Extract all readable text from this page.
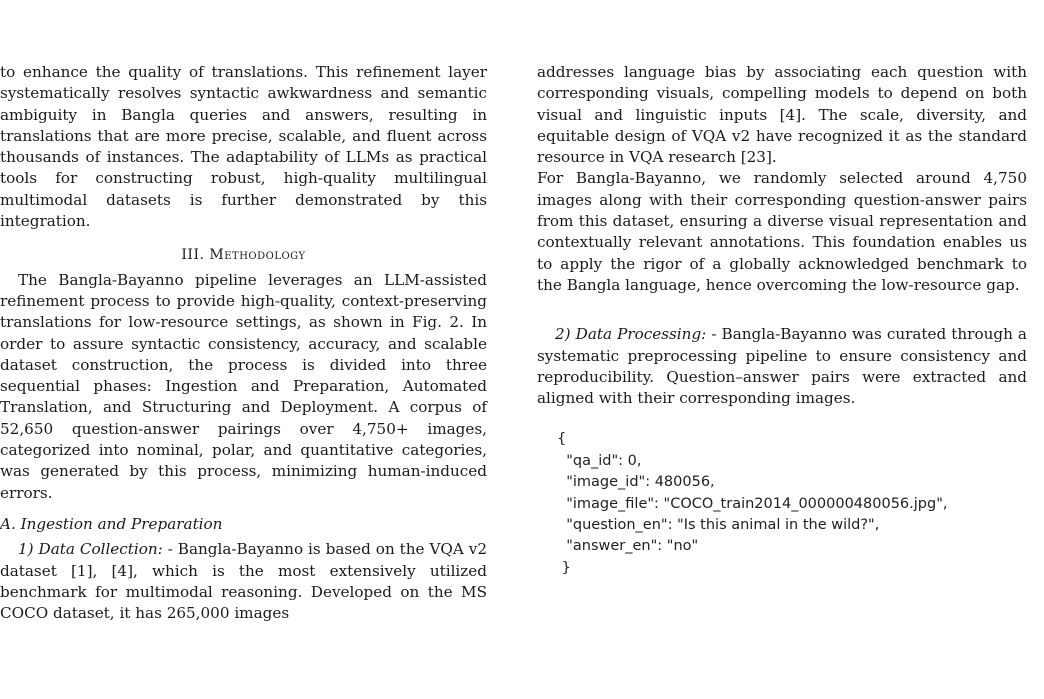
to enhance the quality of translations. This refinement layer systematically resolves syntactic awkwardness and semantic ambiguity in Bangla queries and answers, resulting in translations that are more precise, scalable, and fluent across thousands of instances. The adaptability of LLMs as practical tools for constructing robust, high-quality multilingual multimodal datasets is further demonstrated by this integration.

III. Methodology

The Bangla-Bayanno pipeline leverages an LLM-assisted refinement process to provide high-quality, context-preserving translations for low-resource settings, as shown in Fig. 2. In order to assure syntactic consistency, accuracy, and scalable dataset construction, the process is divided into three sequential phases: Ingestion and Preparation, Automated Translation, and Structuring and Deployment. A corpus of 52,650 question-answer pairings over 4,750+ images, categorized into nominal, polar, and quantitative categories, was generated by this process, minimizing human-induced errors.

A. Ingestion and Preparation

1) Data Collection: - Bangla-Bayanno is based on the VQA v2 dataset [1], [4], which is the most extensively utilized benchmark for multimodal reasoning. Developed on the MS COCO dataset, it has 265,000 images

addresses language bias by associating each question with corresponding visuals, compelling models to depend on both visual and linguistic inputs [4]. The scale, diversity, and equitable design of VQA v2 have recognized it as the standard resource in VQA research [23].

For Bangla-Bayanno, we randomly selected around 4,750 images along with their corresponding question-answer pairs from this dataset, ensuring a diverse visual representation and contextually relevant annotations. This foundation enables us to apply the rigor of a globally acknowledged benchmark to the Bangla language, hence overcoming the low-resource gap.

2) Data Processing: - Bangla-Bayanno was curated through a systematic preprocessing pipeline to ensure consistency and reproducibility. Question–answer pairs were extracted and aligned with their corresponding images.

{
"qa_id": 0,
"image_id": 480056,
"image_file": "COCO_train2014_000000480056.jpg",
"question_en": "Is this animal in the wild?",
"answer_en": "no"
}
